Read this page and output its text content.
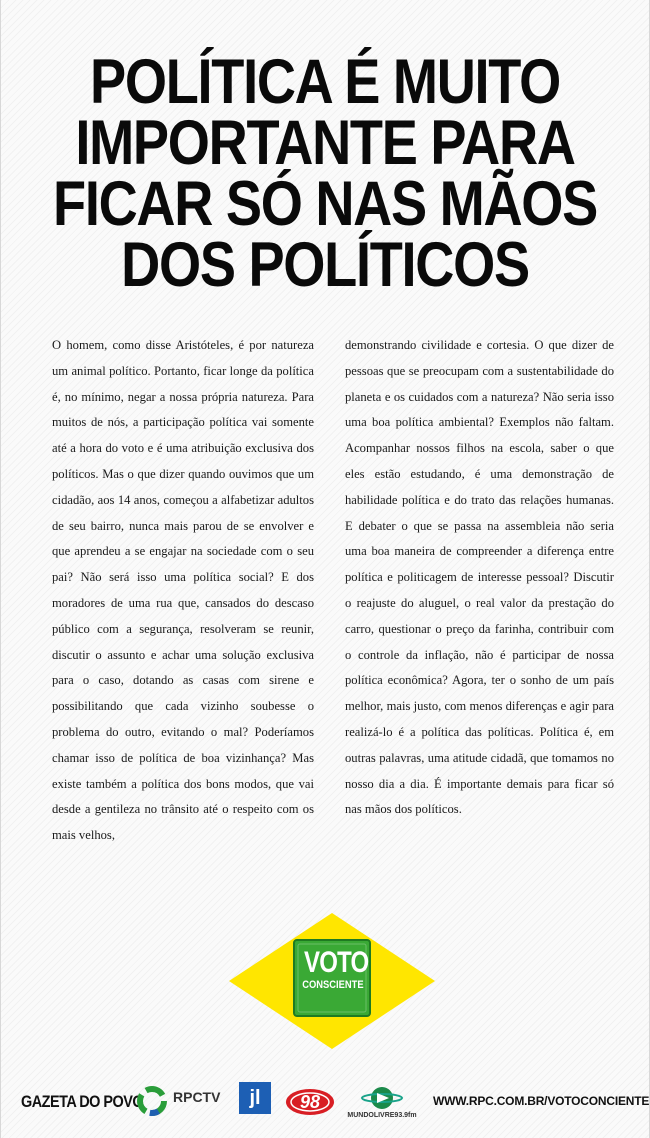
POLÍTICA É MUITO
IMPORTANTE PARA
FICAR SÓ NAS MÃOS
DOS POLÍTICOS
O homem, como disse Aristóteles, é por natureza um animal político. Portanto, ficar longe da política é, no mínimo, negar a nossa própria natureza. Para muitos de nós, a participação política vai somente até a hora do voto e é uma atribuição exclusiva dos políticos. Mas o que dizer quando ouvimos que um cidadão, aos 14 anos, começou a alfabetizar adultos de seu bairro, nunca mais parou de se envolver e que aprendeu a se engajar na sociedade com o seu pai? Não será isso uma política social? E dos moradores de uma rua que, cansados do descaso público com a segurança, resolveram se reunir, discutir o assunto e achar uma solução exclusiva para o caso, dotando as casas com sirene e possibilitando que cada vizinho soubesse o problema do outro, evitando o mal? Poderíamos chamar isso de política de boa vizinhança? Mas existe também a política dos bons modos, que vai desde a gentileza no trânsito até o respeito com os mais velhos,
demonstrando civilidade e cortesia. O que dizer de pessoas que se preocupam com a sustentabilidade do planeta e os cuidados com a natureza? Não seria isso uma boa política ambiental? Exemplos não faltam. Acompanhar nossos filhos na escola, saber o que eles estão estudando, é uma demonstração de habilidade política e do trato das relações humanas. E debater o que se passa na assembleia não seria uma boa maneira de compreender a diferença entre política e politicagem de interesse pessoal? Discutir o reajuste do aluguel, o real valor da prestação do carro, questionar o preço da farinha, contribuir com o controle da inflação, não é participar de nossa política econômica? Agora, ter o sonho de um país melhor, mais justo, com menos diferenças e agir para realizá-lo é a política das políticas. Política é, em outras palavras, uma atitude cidadã, que tomamos no nosso dia a dia. É importante demais para ficar só nas mãos dos políticos.
VOTO
CONSCIENTE
GAZETA DO POVO RPCTV	jl	98
MUNDOLIVRE93.9fm
WWW.RPC.COM.BR/VOTOCONCIENTE
